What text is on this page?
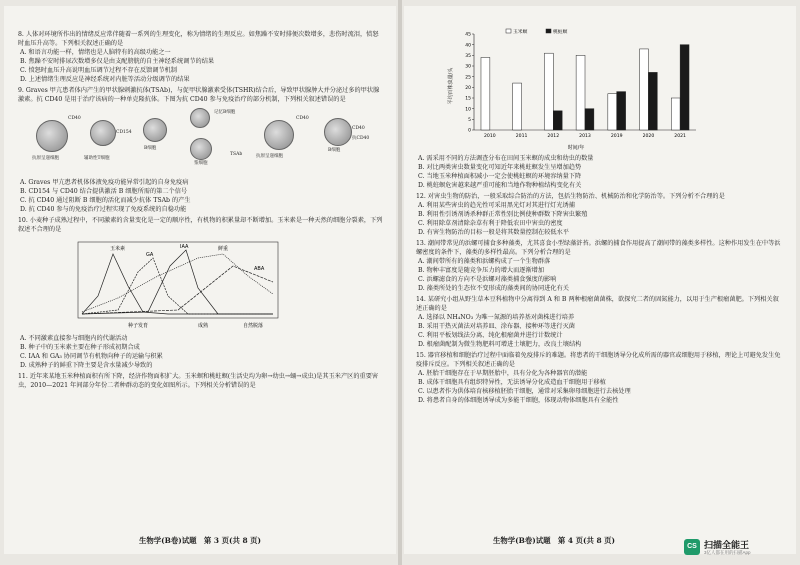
8. 人体对环境所作出的情绪反应常伴随着一系列的生理变化，称为情绪的生理反应。如焦躁不安时排便次数增多，悲伤时流泪，愤怒时血压升高等。下列相关叙述正确的是

A. 和语言功能一样，情绪也是人脑特有的高级功能之一

B. 焦躁不安时排尿次数增多仅是由支配膀胱的自主神经系统调节的结果

C. 愤怒时血压升高说明血压调节过程不存在反馈调节机制

D. 上述情绪生理反应是神经系统对内脏等活动分级调节的结果

9. Graves 甲亢患者体内产生的甲状腺刺激抗体(TSAb)，与促甲状腺激素受体(TSHR)结合后，导致甲状腺肿大并分泌过多的甲状腺激素。抗 CD40 是用于治疗该病的一种单克隆抗体。下图为抗 CD40 参与免疫治疗的部分机制，下列相关叙述错误的是

抗原呈递细胞	辅助性T细胞
B细胞
记忆B细胞
浆细胞
TSAb	抗原呈递细胞
B细胞
CD40
CD154
CD40
抗CD40
CD40

A. Graves 甲亢患者机体体液免疫功能异常引起的自身免疫病

B. CD154 与 CD40 结合提供激活 B 细胞所需的第二个信号

C. 抗 CD40 通过阻断 B 细胞的活化而减少抗体 TSAb 的产生

D. 抗 CD40 参与的免疫治疗过程实现了免疫系统的自稳功能

10. 小麦种子成熟过程中，不同激素的含量变化是一定的顺序性，有机物的积累量却不断增加。玉米素是一种天然的细胞分裂素，下列叙述不合理的是

玉米素
GA
IAA	鲜重
ABA
种子发育	成熟	自然脱落

A. 不同激素直接参与细胞内的代谢活动

B. 种子中的玉米素主要在种子形成初期合成

C. IAA 和 GA₃ 协同调节有机物向种子的运输与积累

D. 成熟种子的鲜重下降主要是含水量减少导致的

11. 近年来某地玉米种植面积有所下降，经济作物面积扩大。玉米螟和桃蛀螟(生活史均为卵→幼虫→蛹→成虫)是其玉米产区的重要害虫，2010—2021 年间部分年份二者种群动态的变化如图所示。下列相关分析错误的是

生物学(B卷)试题　第 3 页(共 8 页)
0
5
10
15
20
25
30
35
40
45
2010	2011	2012	2013	2019	2020	2021
玉米螟	桃蛀螟
时间/年
平均百株虫量/头

A. 需采用不同的方法调查分布在田间玉米螟的成虫和幼虫的数量

B. 对比两类害虫数量变化可知近年来桃蛀螟发生呈增加趋势

C. 当地玉米种植面积减小一定会使桃蛀螟的环境容纳量下降

D. 桃蛀螟危害越来越严重可能和当地作物种植结构变化有关

12. 对害虫生物的防治，一般采取综合防治的方法，包括生物防治、机械防治和化学防治等。下列分析不合理的是

A. 利用某些害虫的趋光性可采用黑光灯对其进行灯光诱捕

B. 利用性引诱剂诱杀种群正常性别比例使种群数下降害虫繁殖

C. 利用除草剂清除杂草有利于降低农田中害虫的密度

D. 有害生物防治的目标一般是将其数量控制在较低水平

13. 潮间带常见的浜螺可捕食多种藻类，尤其喜食小型绿藻浒苔。浜螺的捕食作用提高了潮间带的藻类多样性。这种作用发生在中等浜螺密度的条件下，藻类的多样性最高。下列分析合理的是

A. 潮间带所有的藻类和浜螺构成了一个生物群落

B. 物种丰富度是随竞争压力的增大而逐渐增加

C. 浜螺滤食的方向不是浜螺对藻类捕食强度的影响

D. 藻类所处的生态位不变形成的藻类间的协同进化有关

14. 某研究小组从野生草本豆科植物中分离得到 A 和 B 两种根瘤菌菌株，欲探究二者的固氮能力，以用于生产根瘤菌肥。下列相关叙述正确的是

A. 选择以 NH₄NO₃ 为唯一氮源的培养基对菌株进行培养

B. 采用干热灭菌法对培养皿、涂布器、接种环等进行灭菌

C. 利用平板划线法分离、纯化根瘤菌并进行计数统计

D. 根瘤菌配制为微生物肥料可增进土壤肥力，改良土壤结构

15. 器官移植和细胞治疗过程中面临着免疫排斥的难题。将患者的干细胞诱导分化成所需的器官或细胞用于移植，理论上可避免发生免疫排斥反应。下列相关叙述正确的是

A. 胚胎干细胞存在于早期胚胎中，具有分化为各种器官的潜能

B. 成体干细胞具有组织特异性，无法诱导分化成造血干细胞用于移植

C. 以患者作为供体培育核移植胚胎干细胞，通常对采集卵母细胞进行去核处理

D. 将患者自身的体细胞诱导成为多能干细胞，体现动物体细胞具有全能性

生物学(B卷)试题　第 4 页(共 8 页)
CS 扫描全能王
3亿人都在用的扫描App
